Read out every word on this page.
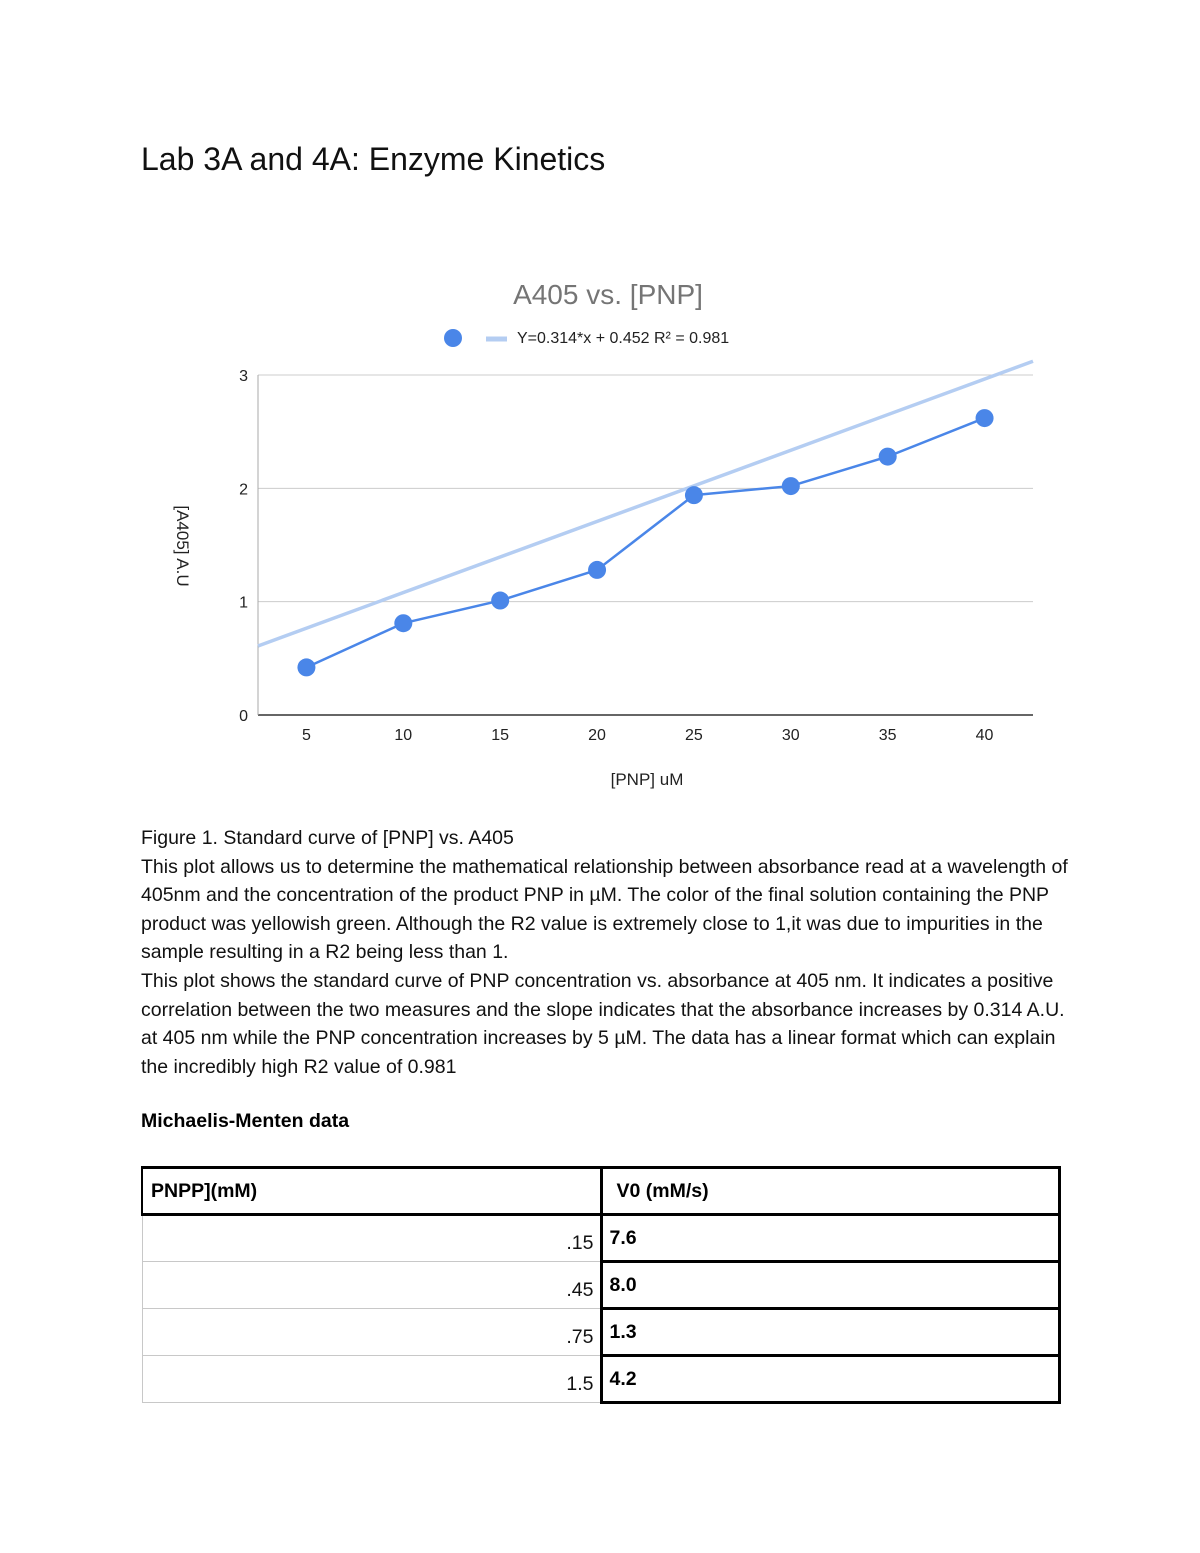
Lab 3A and 4A: Enzyme Kinetics
A405 vs. [PNP]
Y=0.314*x + 0.452 R² = 0.981
0
1
2
3
5	10	15	20	25	30	35	40
[PNP] uM
[A405] A.U

Figure 1. Standard curve of [PNP] vs. A405

This plot allows us to determine the mathematical relationship between absorbance read at a wavelength of 405nm and the concentration of the product PNP in µM. The color of the final solution containing the PNP product was yellowish green. Although the R2 value is extremely close to 1,it was due to impurities in the sample resulting in a R2 being less than 1.

This plot shows the standard curve of PNP concentration vs. absorbance at 405 nm. It indicates a positive correlation between the two measures and the slope indicates that the absorbance increases by 0.314 A.U. at 405 nm while the PNP concentration increases by 5 µM. The data has a linear format which can explain the incredibly high R2 value of 0.981

Michaelis-Menten data
PNPP](mM)	V0 (mM/s)
.15	7.6
.45	8.0
.75	1.3
1.5	4.2
